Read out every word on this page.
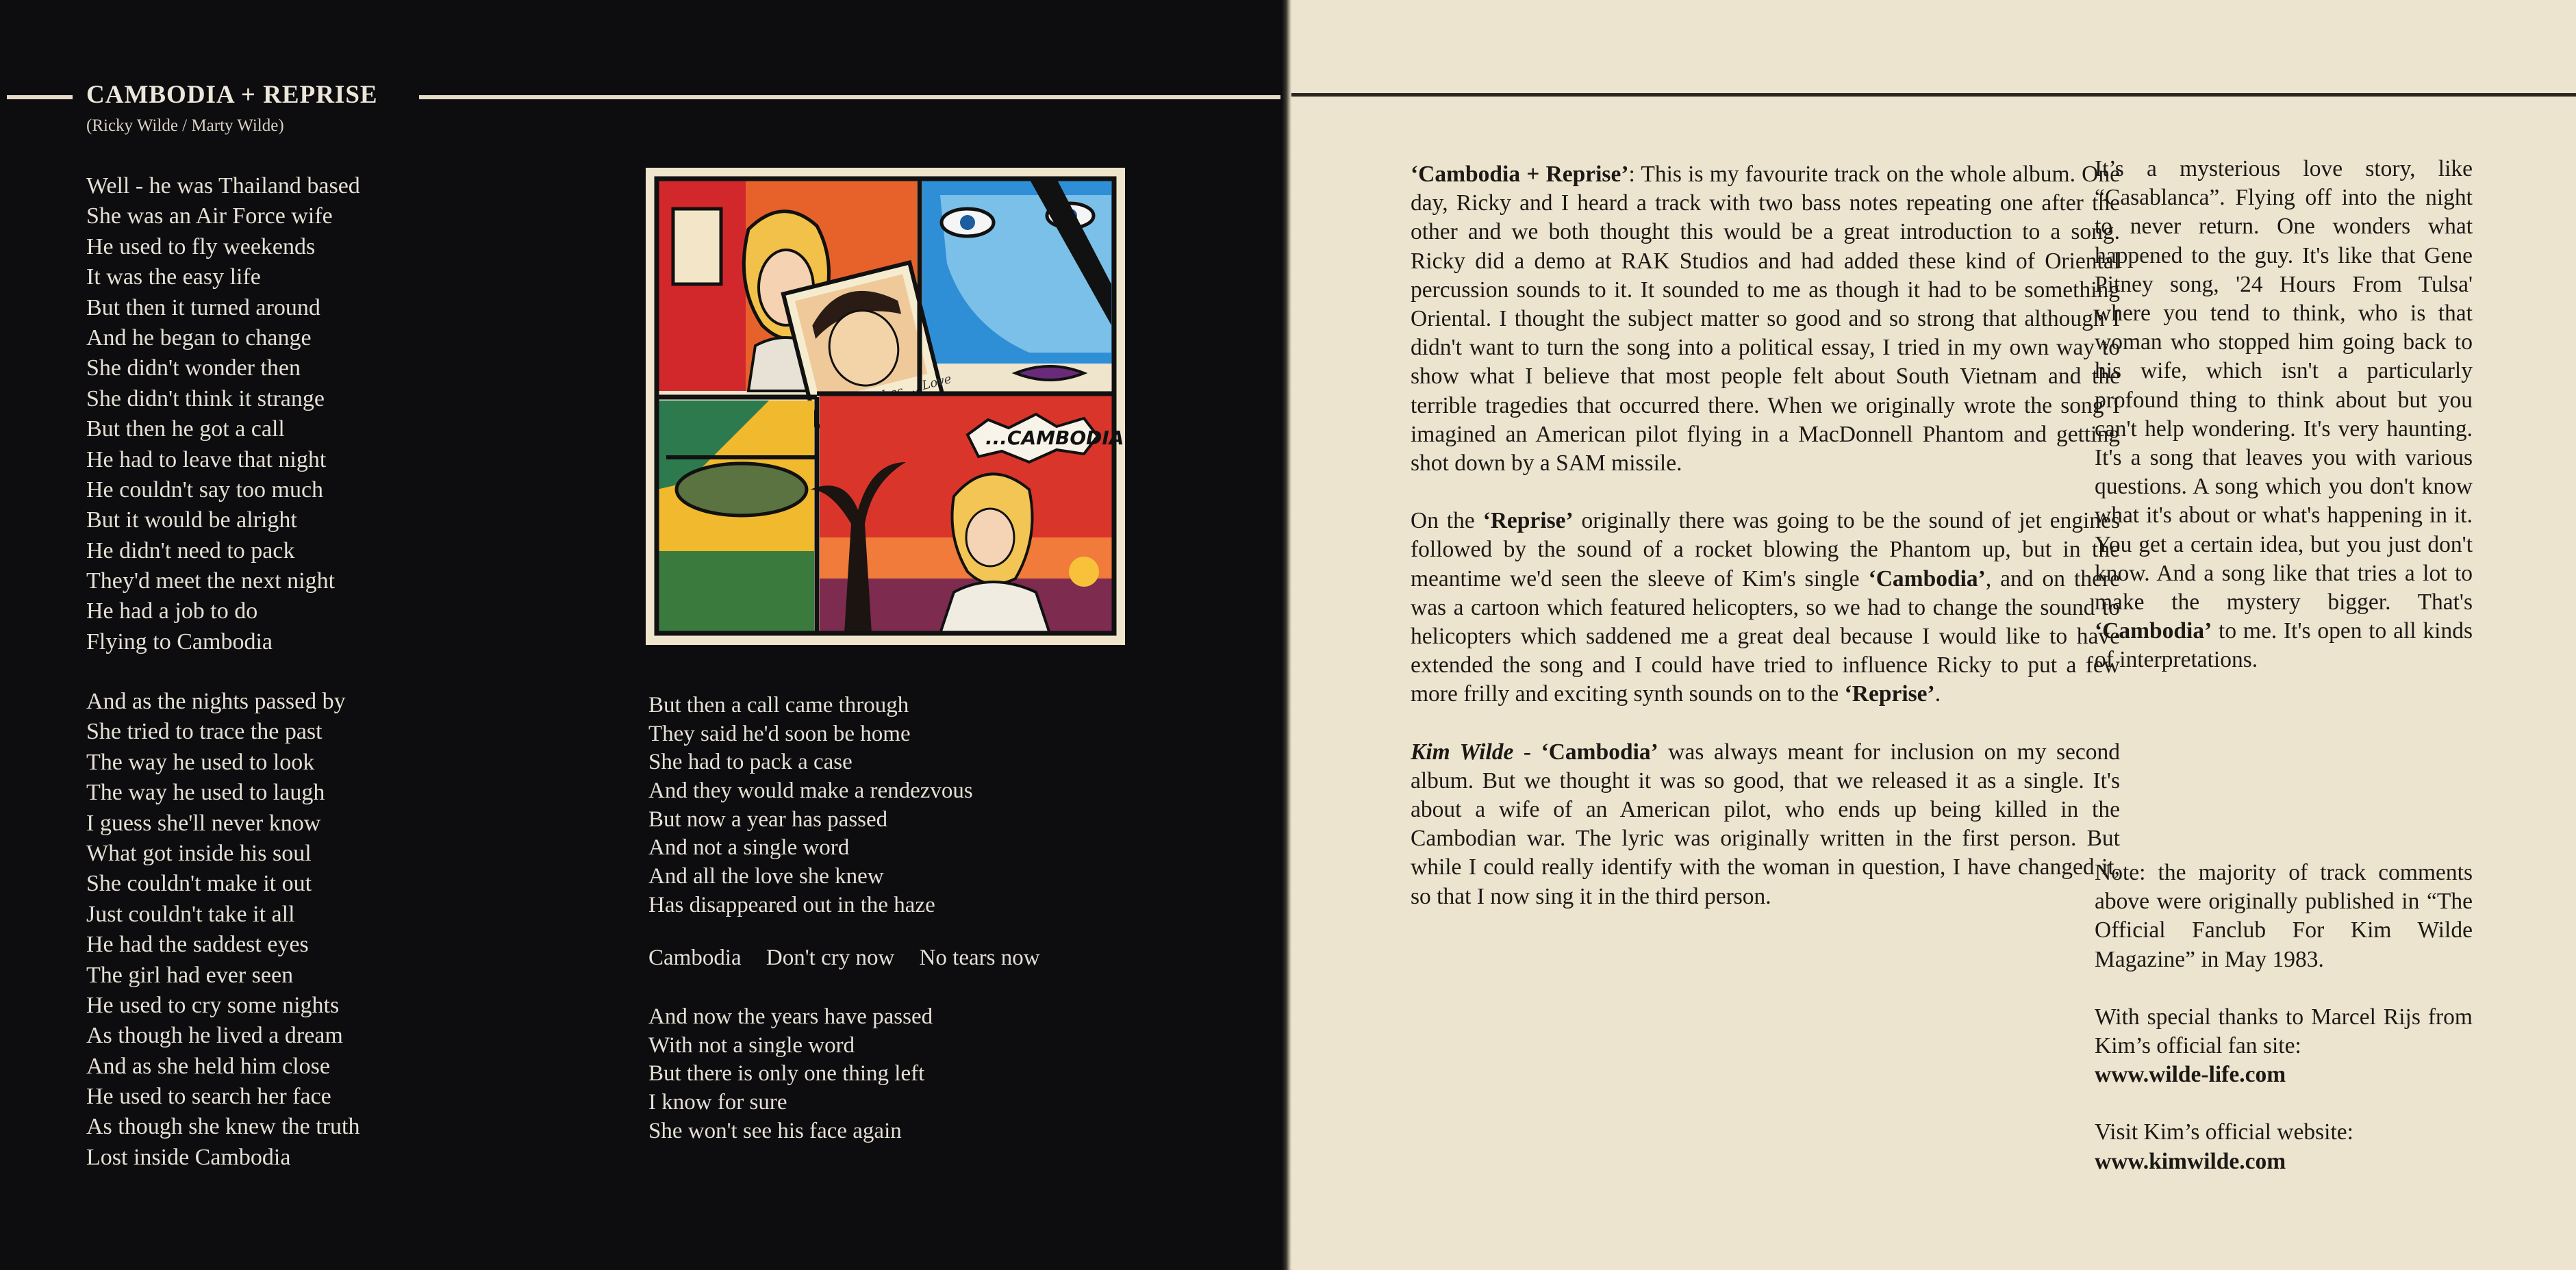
CAMBODIA + REPRISE
(Ricky Wilde / Marty Wilde)
Well - he was Thailand based
She was an Air Force wife
He used to fly weekends
It was the easy life
But then it turned around
And he began to change
She didn't wonder then
She didn't think it strange
But then he got a call
He had to leave that night
He couldn't say too much
But it would be alright
He didn't need to pack
They'd meet the next night
He had a job to do
Flying to Cambodia
And as the nights passed by
She tried to trace the past
The way he used to look
The way he used to laugh
I guess she'll never know
What got inside his soul
She couldn't make it out
Just couldn't take it all
He had the saddest eyes
The girl had ever seen
He used to cry some nights
As though he lived a dream
And as she held him close
He used to search her face
As though she knew the truth
Lost inside Cambodia
...CAMBODIA
But then a call came through
They said he'd soon be home
She had to pack a case
And they would make a rendezvous
But now a year has passed
And not a single word
And all the love she knew
Has disappeared out in the haze
Cambodia Don't cry now No tears now
And now the years have passed
With not a single word
But there is only one thing left
I know for sure
She won't see his face again

‘Cambodia + Reprise’: This is my favourite track on the whole album. One day, Ricky and I heard a track with two bass notes repeating one after the other and we both thought this would be a great introduction to a song. Ricky did a demo at RAK Studios and had added these kind of Oriental percussion sounds to it. It sounded to me as though it had to be something Oriental. I thought the subject matter so good and so strong that although I didn't want to turn the song into a political essay, I tried in my own way to show what I believe that most people felt about South Vietnam and the terrible tragedies that occurred there. When we originally wrote the song I imagined an American pilot flying in a MacDonnell Phantom and getting shot down by a SAM missile.

On the ‘Reprise’ originally there was going to be the sound of jet engines followed by the sound of a rocket blowing the Phantom up, but in the meantime we'd seen the sleeve of Kim's single ‘Cambodia’, and on there was a cartoon which featured helicopters, so we had to change the sound to helicopters which saddened me a great deal because I would like to have extended the song and I could have tried to influence Ricky to put a few more frilly and exciting synth sounds on to the ‘Reprise’.

Kim Wilde - ‘Cambodia’ was always meant for inclusion on my second album. But we thought it was so good, that we released it as a single. It's about a wife of an American pilot, who ends up being killed in the Cambodian war. The lyric was originally written in the first person. But while I could really identify with the woman in question, I have changed it, so that I now sing it in the third person.

It’s a mysterious love story, like “Casablanca”. Flying off into the night to never return. One wonders what happened to the guy. It's like that Gene Pitney song, '24 Hours From Tulsa' where you tend to think, who is that woman who stopped him going back to his wife, which isn't a particularly profound thing to think about but you can't help wondering. It's very haunting. It's a song that leaves you with various questions. A song which you don't know what it's about or what's happening in it. You get a certain idea, but you just don't know. And a song like that tries a lot to make the mystery bigger. That's ‘Cambodia’ to me. It's open to all kinds of interpretations.

Note: the majority of track comments above were originally published in “The Official Fanclub For Kim Wilde Magazine” in May 1983.

With special thanks to Marcel Rijs from Kim’s official fan site:
www.wilde-life.com

Visit Kim’s official website:
www.kimwilde.com
